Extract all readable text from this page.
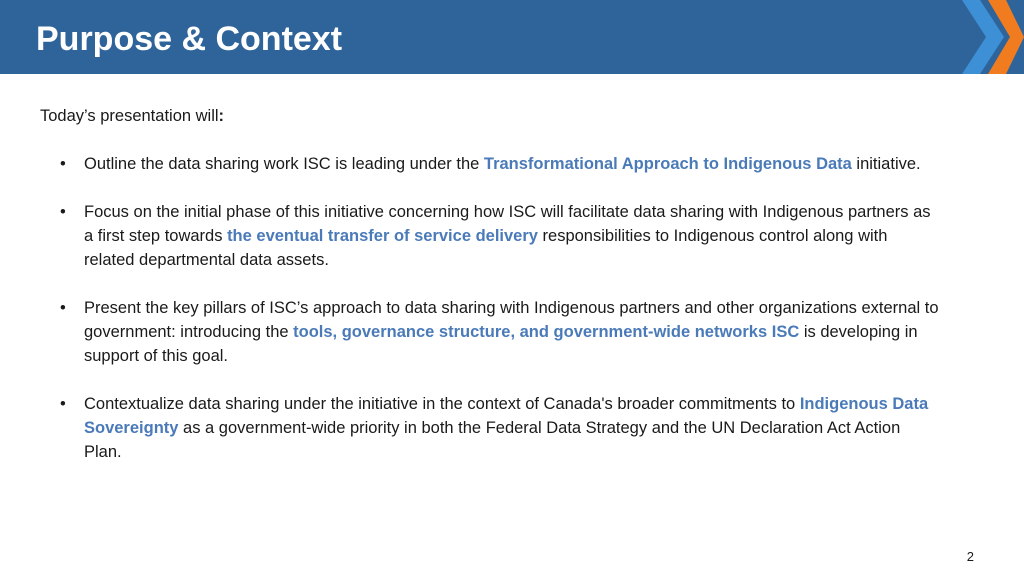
Purpose & Context

Today’s presentation will:

• Outline the data sharing work ISC is leading under the Transformational Approach to Indigenous Data initiative.
• Focus on the initial phase of this initiative concerning how ISC will facilitate data sharing with Indigenous partners as a first step towards the eventual transfer of service delivery responsibilities to Indigenous control along with related departmental data assets.
• Present the key pillars of ISC’s approach to data sharing with Indigenous partners and other organizations external to government: introducing the tools, governance structure, and government-wide networks ISC is developing in support of this goal.
• Contextualize data sharing under the initiative in the context of Canada's broader commitments to Indigenous Data Sovereignty as a government-wide priority in both the Federal Data Strategy and the UN Declaration Act Action Plan.
2
